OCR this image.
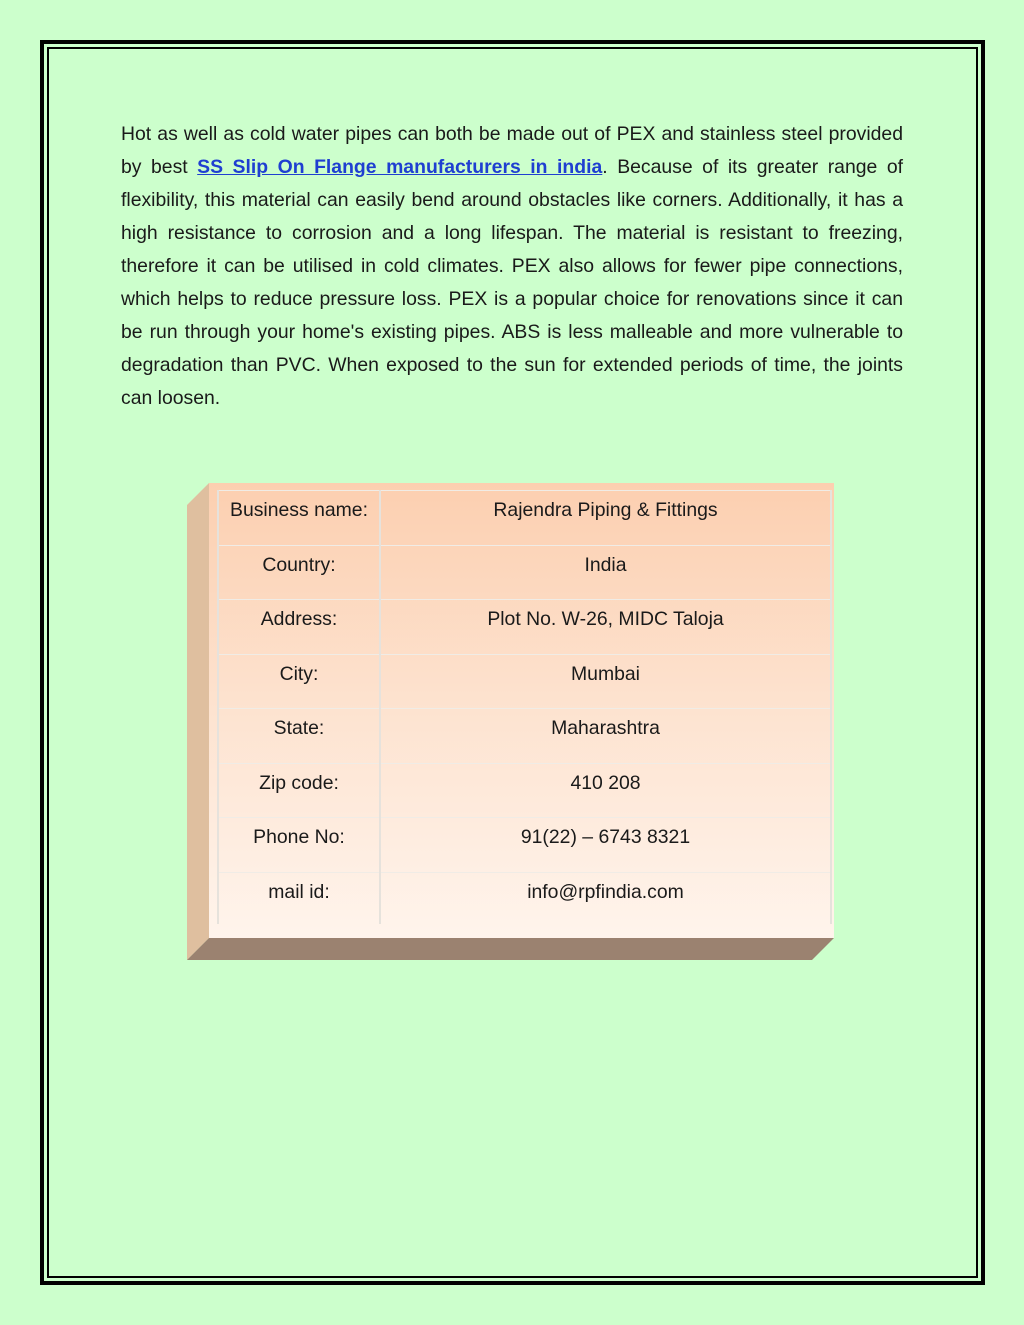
Hot as well as cold water pipes can both be made out of PEX and stainless steel provided by best SS Slip On Flange manufacturers in india. Because of its greater range of flexibility, this material can easily bend around obstacles like corners. Additionally, it has a high resistance to corrosion and a long lifespan. The material is resistant to freezing, therefore it can be utilised in cold climates. PEX also allows for fewer pipe connections, which helps to reduce pressure loss. PEX is a popular choice for renovations since it can be run through your home's existing pipes. ABS is less malleable and more vulnerable to degradation than PVC. When exposed to the sun for extended periods of time, the joints can loosen.

Business name:	Rajendra Piping & Fittings
Country:	India
Address:	Plot No. W-26, MIDC Taloja
City:	Mumbai
State:	Maharashtra
Zip code:	410 208
Phone No:	91(22) – 6743 8321
mail id:	info@rpfindia.com
